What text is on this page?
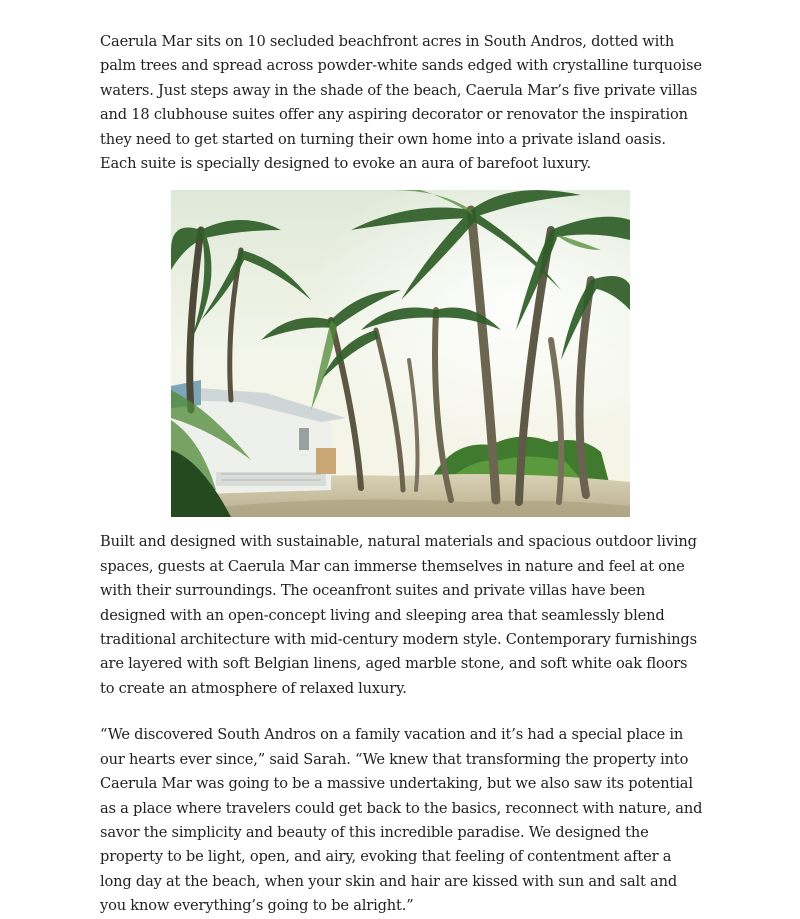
Caerula Mar sits on 10 secluded beachfront acres in South Andros, dotted with palm trees and spread across powder-white sands edged with crystalline turquoise waters. Just steps away in the shade of the beach, Caerula Mar’s five private villas and 18 clubhouse suites offer any aspiring decorator or renovator the inspiration they need to get started on turning their own home into a private island oasis. Each suite is specially designed to evoke an aura of barefoot luxury.

Built and designed with sustainable, natural materials and spacious outdoor living spaces, guests at Caerula Mar can immerse themselves in nature and feel at one with their surroundings. The oceanfront suites and private villas have been designed with an open-concept living and sleeping area that seamlessly blend traditional architecture with mid-century modern style. Contemporary furnishings are layered with soft Belgian linens, aged marble stone, and soft white oak floors to create an atmosphere of relaxed luxury.

“We discovered South Andros on a family vacation and it’s had a special place in our hearts ever since,” said Sarah. “We knew that transforming the property into Caerula Mar was going to be a massive undertaking, but we also saw its potential as a place where travelers could get back to the basics, reconnect with nature, and savor the simplicity and beauty of this incredible paradise. We designed the property to be light, open, and airy, evoking that feeling of contentment after a long day at the beach, when your skin and hair are kissed with sun and salt and you know everything’s going to be alright.”
